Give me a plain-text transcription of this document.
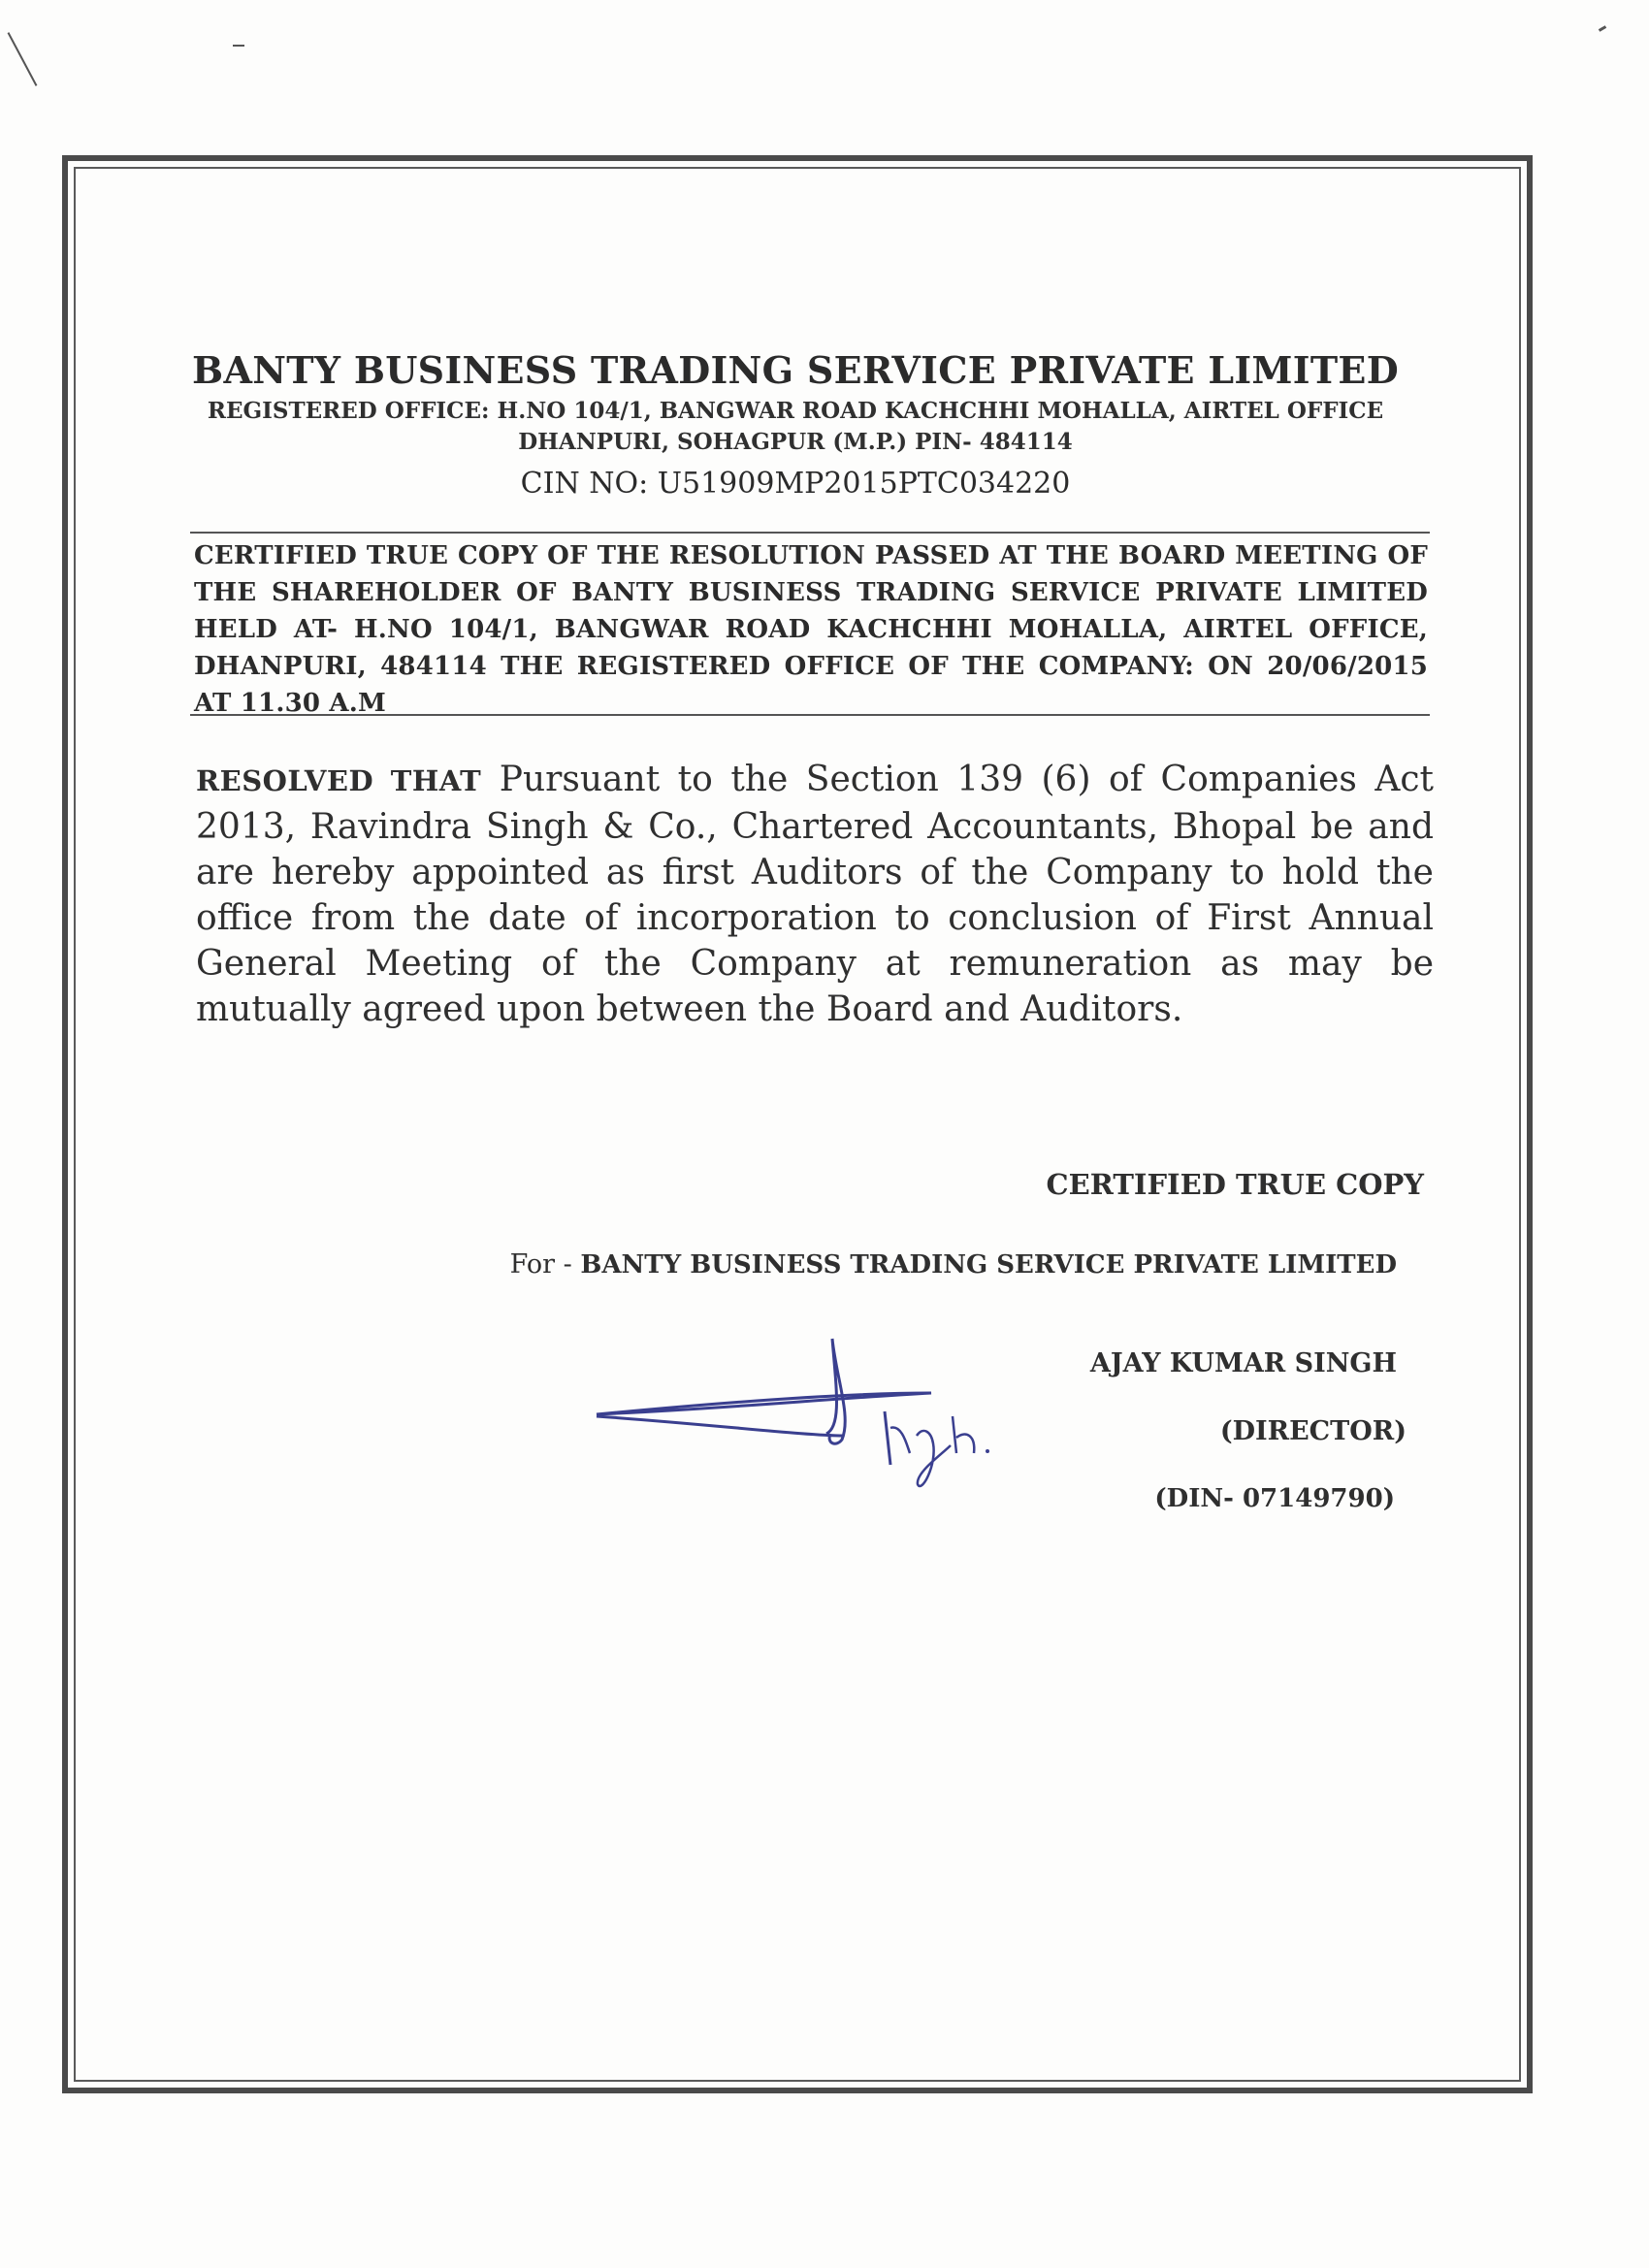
BANTY BUSINESS TRADING SERVICE PRIVATE LIMITED

REGISTERED OFFICE: H.NO 104/1, BANGWAR ROAD KACHCHHI MOHALLA, AIRTEL OFFICE
DHANPURI, SOHAGPUR (M.P.) PIN- 484114

CIN NO: U51909MP2015PTC034220

CERTIFIED TRUE COPY OF THE RESOLUTION PASSED AT THE BOARD MEETING OF THE SHAREHOLDER OF BANTY BUSINESS TRADING SERVICE PRIVATE LIMITED HELD AT- H.NO 104/1, BANGWAR ROAD KACHCHHI MOHALLA, AIRTEL OFFICE, DHANPURI, 484114 THE REGISTERED OFFICE OF THE COMPANY: ON 20/06/2015 AT 11.30 A.M
RESOLVED THAT Pursuant to the Section 139 (6) of Companies Act 2013, Ravindra Singh & Co., Chartered Accountants, Bhopal be and are hereby appointed as first Auditors of the Company to hold the office from the date of incorporation to conclusion of First Annual General Meeting of the Company at remuneration as may be mutually agreed upon between the Board and Auditors.
CERTIFIED TRUE COPY
For - BANTY BUSINESS TRADING SERVICE PRIVATE LIMITED
AJAY KUMAR SINGH
(DIRECTOR)
(DIN- 07149790)
